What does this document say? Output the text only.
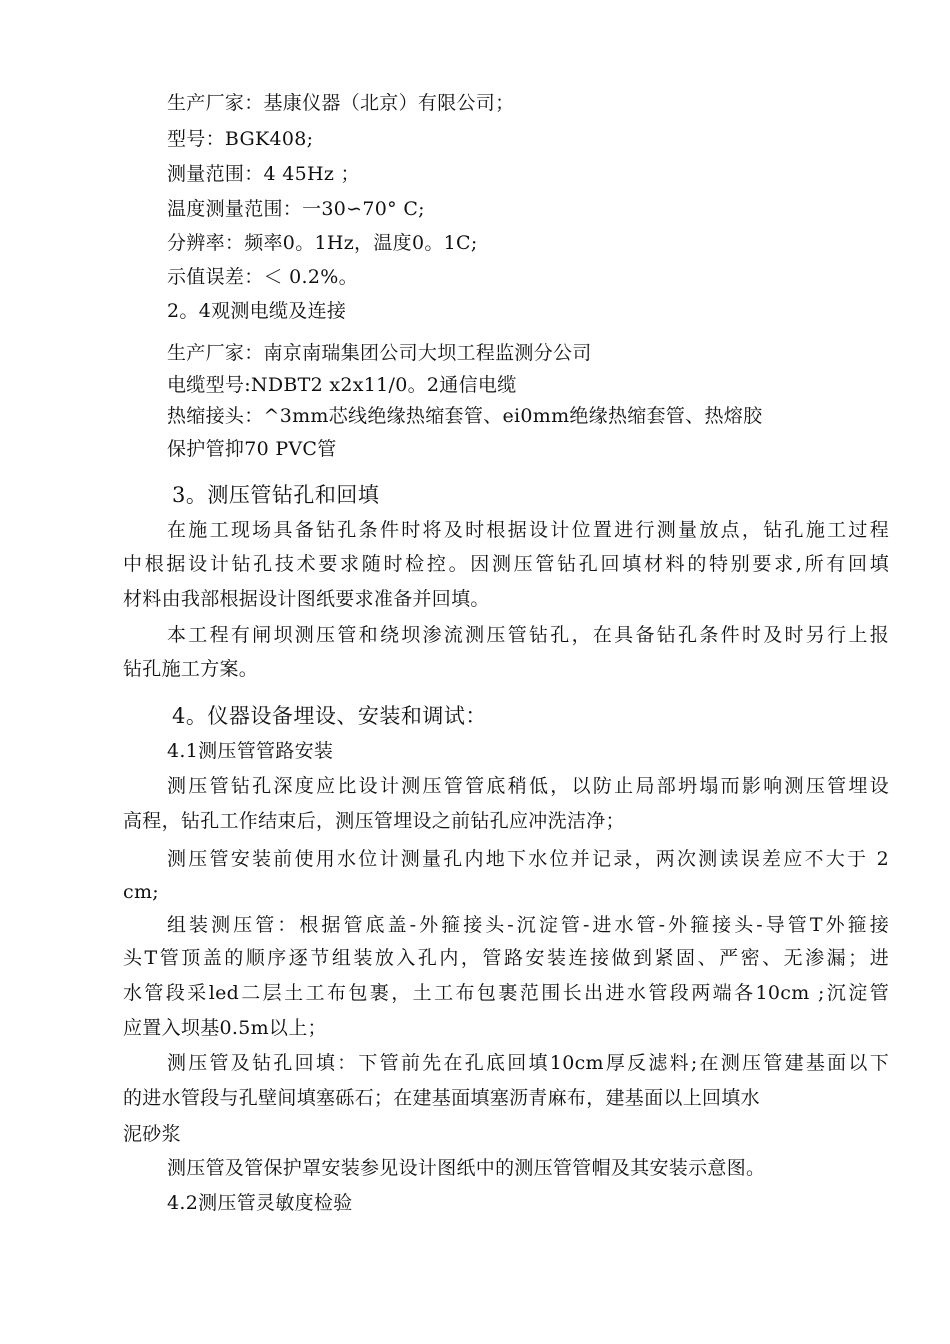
生产厂家：基康仪器（北京）有限公司；
型号：BGK408;
测量范围：4 45Hz ；
温度测量范围：一30∽70° C;
分辨率：频率0。1Hz，温度0。1C;
示值误差：＜ 0.2%。
2。4观测电缆及连接
生产厂家：南京南瑞集团公司大坝工程监测分公司
电缆型号:NDBT2 x2x11/0。2通信电缆
热缩接头：^3mm芯线绝缘热缩套管、ei0mm绝缘热缩套管、热熔胶
保护管抑70 PVC管
3。测压管钻孔和回填
在施工现场具备钻孔条件时将及时根据设计位置进行测量放点，钻孔施工过程
中根据设计钻孔技术要求随时检控。因测压管钻孔回填材料的特别要求,所有回填
材料由我部根据设计图纸要求准备并回填。
本工程有闸坝测压管和绕坝渗流测压管钻孔，在具备钻孔条件时及时另行上报
钻孔施工方案。
4。仪器设备埋设、安装和调试：
4.1测压管管路安装
测压管钻孔深度应比设计测压管管底稍低，以防止局部坍塌而影响测压管埋设
高程，钻孔工作结束后，测压管埋设之前钻孔应冲洗洁净；
测压管安装前使用水位计测量孔内地下水位并记录，两次测读误差应不大于 2
cm;
组装测压管：根据管底盖-外箍接头-沉淀管-进水管-外箍接头-导管T外箍接
头T管顶盖的顺序逐节组装放入孔内，管路安装连接做到紧固、严密、无渗漏；进
水管段采led二层土工布包裹，土工布包裹范围长出进水管段两端各10cm ;沉淀管
应置入坝基0.5m以上；
测压管及钻孔回填：下管前先在孔底回填10cm厚反滤料;在测压管建基面以下
的进水管段与孔壁间填塞砾石；在建基面填塞沥青麻布，建基面以上回填水
泥砂浆
测压管及管保护罩安装参见设计图纸中的测压管管帽及其安装示意图。
4.2测压管灵敏度检验
